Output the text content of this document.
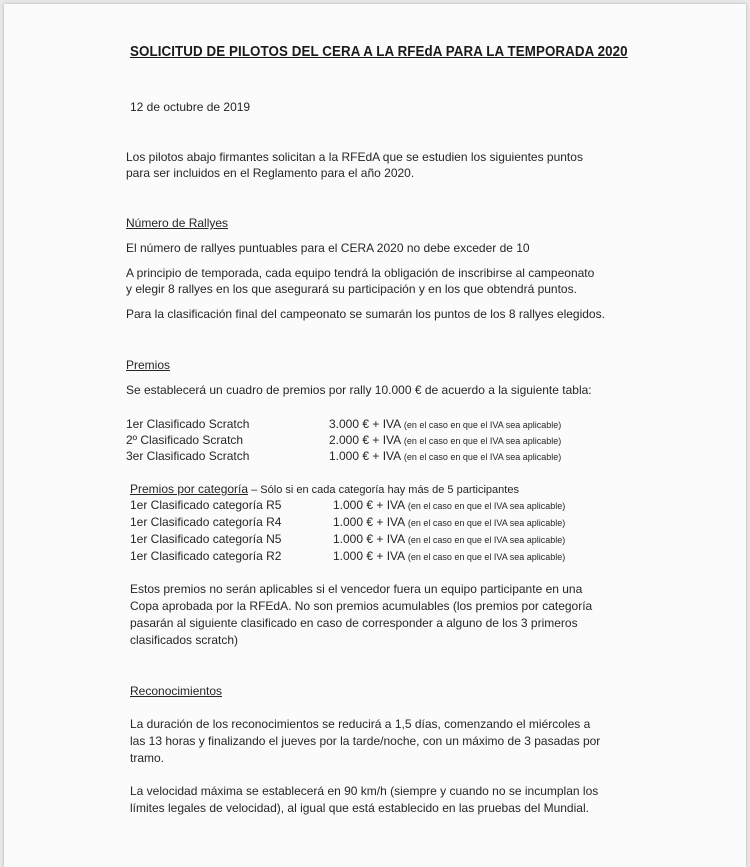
SOLICITUD DE PILOTOS DEL CERA A LA RFEdA PARA LA TEMPORADA 2020
12 de octubre de 2019
Los pilotos abajo firmantes solicitan a la RFEdA que se estudien los siguientes puntos
para ser incluidos en el Reglamento para el año 2020.
Número de Rallyes
El número de rallyes puntuables para el CERA 2020 no debe exceder de 10
A principio de temporada, cada equipo tendrá la obligación de inscribirse al campeonato
y elegir 8 rallyes en los que asegurará su participación y en los que obtendrá puntos.
Para la clasificación final del campeonato se sumarán los puntos de los 8 rallyes elegidos.
Premios
Se establecerá un cuadro de premios por rally 10.000 € de acuerdo a la siguiente tabla:
1er Clasificado Scratch	3.000 € + IVA (en el caso en que el IVA sea aplicable)
2º Clasificado Scratch	2.000 € + IVA (en el caso en que el IVA sea aplicable)
3er Clasificado Scratch	1.000 € + IVA (en el caso en que el IVA sea aplicable)
Premios por categoría – Sólo si en cada categoría hay más de 5 participantes
1er Clasificado categoría R5	1.000 € + IVA (en el caso en que el IVA sea aplicable)
1er Clasificado categoría R4	1.000 € + IVA (en el caso en que el IVA sea aplicable)
1er Clasificado categoría N5	1.000 € + IVA (en el caso en que el IVA sea aplicable)
1er Clasificado categoría R2	1.000 € + IVA (en el caso en que el IVA sea aplicable)
Estos premios no serán aplicables si el vencedor fuera un equipo participante en una
Copa aprobada por la RFEdA. No son premios acumulables (los premios por categoría
pasarán al siguiente clasificado en caso de corresponder a alguno de los 3 primeros
clasificados scratch)
Reconocimientos
La duración de los reconocimientos se reducirá a 1,5 días, comenzando el miércoles a
las 13 horas y finalizando el jueves por la tarde/noche, con un máximo de 3 pasadas por
tramo.
La velocidad máxima se establecerá en 90 km/h (siempre y cuando no se incumplan los
límites legales de velocidad), al igual que está establecido en las pruebas del Mundial.
